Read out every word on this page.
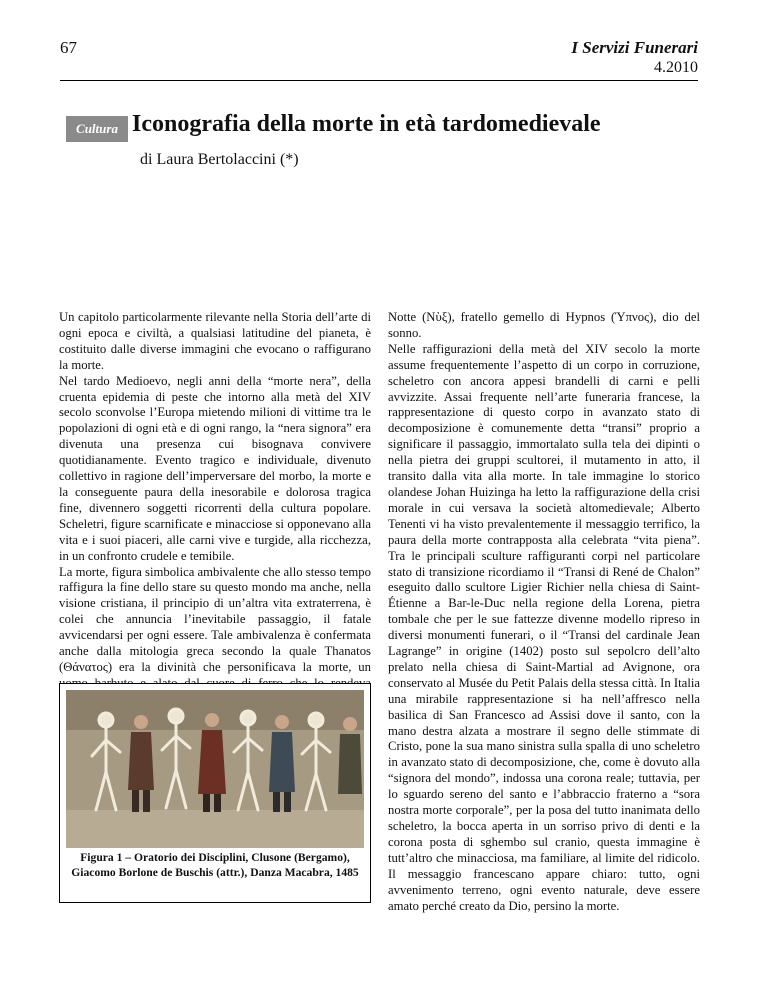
67	I Servizi Funerari
4.2010
Cultura Iconografia della morte in età tardomedievale
di Laura Bertolaccini (*)

Un capitolo particolarmente rilevante nella Storia dell’arte di ogni epoca e civiltà, a qualsiasi latitudine del pianeta, è costituito dalle diverse immagini che evocano o raffigurano la morte.

Nel tardo Medioevo, negli anni della “morte nera”, della cruenta epidemia di peste che intorno alla metà del XIV secolo sconvolse l’Europa mietendo milioni di vittime tra le popolazioni di ogni età e di ogni rango, la “nera signora” era divenuta una presenza cui bisognava convivere quotidianamente. Evento tragico e individuale, divenuto collettivo in ragione dell’imperversare del morbo, la morte e la conseguente paura della inesorabile e dolorosa tragica fine, divennero soggetti ricorrenti della cultura popolare. Scheletri, figure scarnificate e minacciose si opponevano alla vita e i suoi piaceri, alle carni vive e turgide, alla ricchezza, in un confronto crudele e temibile.

La morte, figura simbolica ambivalente che allo stesso tempo raffigura la fine dello stare su questo mondo ma anche, nella visione cristiana, il principio di un’altra vita extraterrena, è colei che annuncia l’inevitabile passaggio, il fatale avvicendarsi per ogni essere. Tale ambivalenza è confermata anche dalla mitologia greca secondo la quale Thanatos (Θάνατος) era la divinità che personificava la morte, un

Notte (Νὺξ), fratello gemello di Hypnos (Ύπνος), dio del sonno.

Nelle raffigurazioni della metà del XIV secolo la morte assume frequentemente l’aspetto di un corpo in corruzione, scheletro con ancora appesi brandelli di carni e pelli avvizzite. Assai frequente nell’arte funeraria francese, la rappresentazione di questo corpo in avanzato stato di decomposizione è comunemente detta “transi” proprio a significare il passaggio, immortalato sulla tela dei dipinti o nella pietra dei gruppi scultorei, il mutamento in atto, il transito dalla vita alla morte. In tale immagine lo storico olandese Johan Huizinga ha letto la raffigurazione della crisi morale in cui versava la società altomedievale; Alberto Tenenti vi ha visto prevalentemente il messaggio terrifico, la paura della morte contrapposta alla celebrata “vita piena”. Tra le principali sculture raffiguranti corpi nel particolare stato di transizione ricordiamo il “Transi di René de Chalon” eseguito dallo scultore Ligier Richier nella chiesa di Saint-Étienne a Bar-le-Duc nella regione della Lorena, pietra tombale che per le sue fattezze divenne modello ripreso in diversi monumenti funerari, o il “Transi del cardinale Jean Lagrange” in origine (1402) posto sul sepolcro dell’alto prelato nella chiesa di Saint-Martial ad Avignone, ora conservato al Musée du Petit Palais della stessa città. In Italia una mirabile rappresentazione si ha nell’affresco nella basilica di San Francesco ad Assisi dove il santo, con la mano destra alzata a mostrare il segno delle stimmate di Cristo, pone la sua mano sinistra sulla spalla di uno scheletro in avanzato stato di decomposizione, che, come è dovuto alla “signora del mondo”, indossa una corona reale; tuttavia, per lo sguardo sereno del santo e l’abbraccio fraterno a “sora nostra morte corporale”, per la posa del tutto inanimata dello scheletro, la bocca aperta in un sorriso privo di denti e la corona posta di sghembo sul cranio, questa immagine è tutt’altro che minacciosa, ma familiare, al limite del ridicolo. Il messaggio francescano appare chiaro: tutto, ogni avvenimento terreno, ogni evento naturale, deve essere amato perché creato da Dio, persino la morte.

Figura 1 – Oratorio dei Disciplini, Clusone (Bergamo), Giacomo Borlone de Buschis (attr.), Danza Macabra, 1485
